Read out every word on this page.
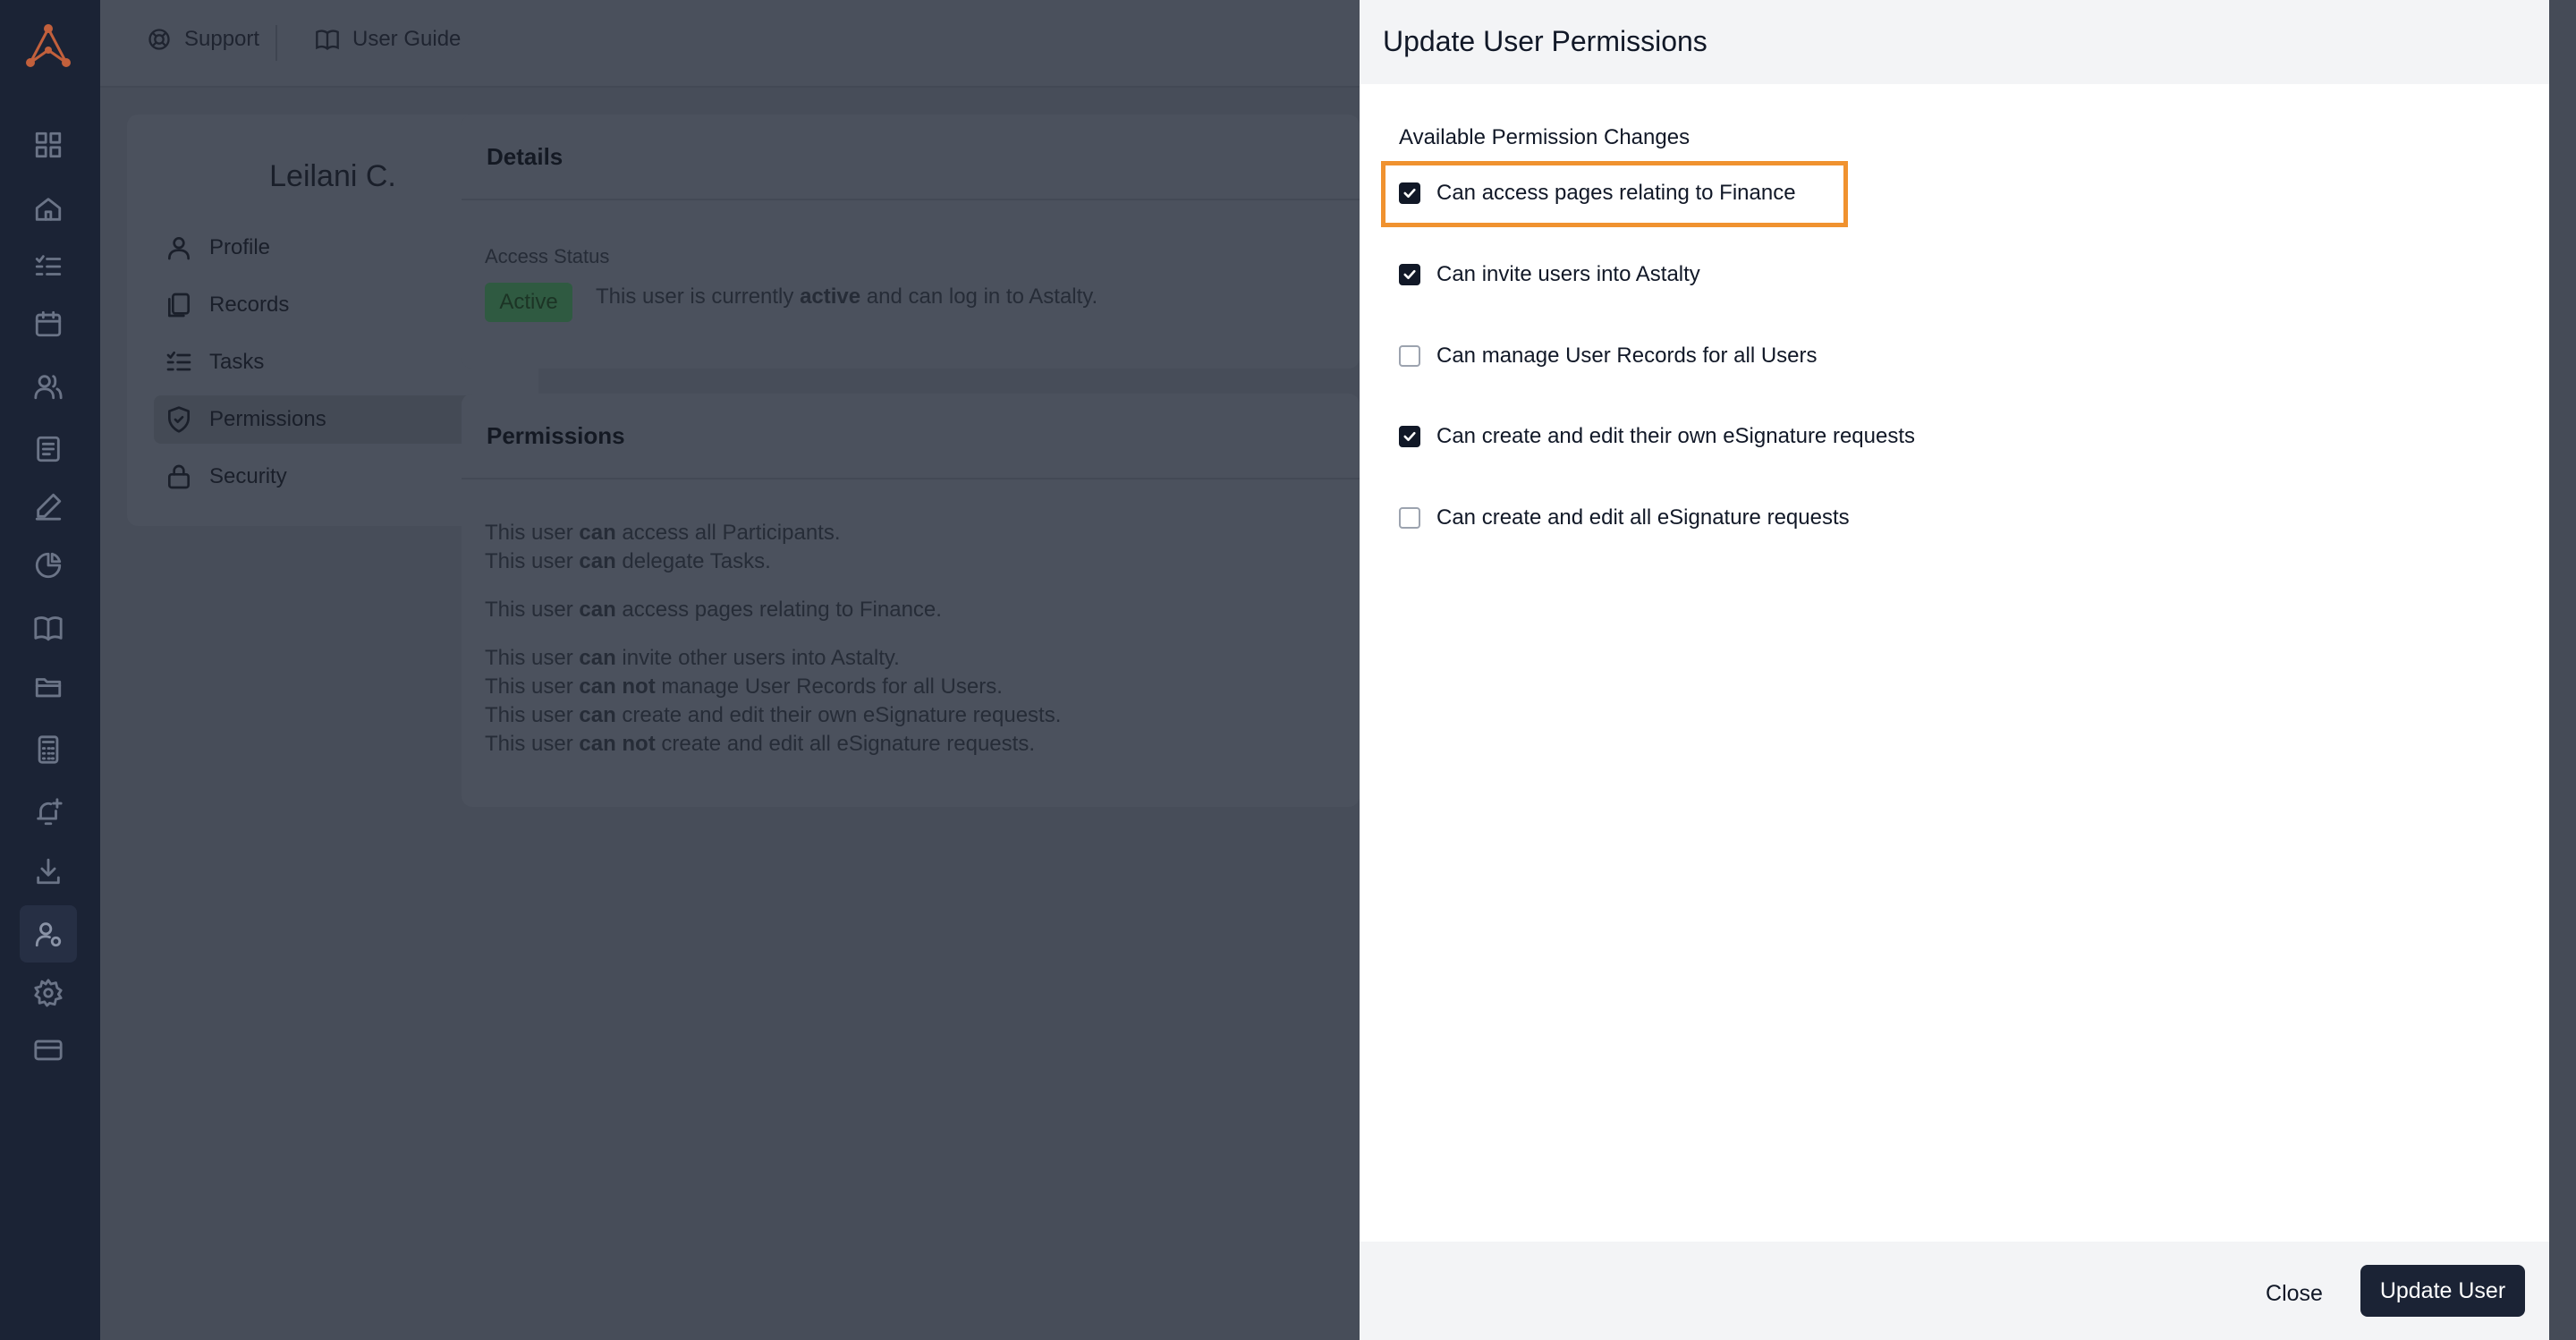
Support	User Guide
Leilani C.
Profile
Records
Tasks
Permissions
Security
Details
Access Status
Active	This user is currently active and can log in to Astalty.
Permissions
This user can access all Participants.
This user can delegate Tasks.
This user can access pages relating to Finance.
This user can invite other users into Astalty.
This user can not manage User Records for all Users.
This user can create and edit their own eSignature requests.
This user can not create and edit all eSignature requests.
Update User Permissions
Available Permission Changes
Can access pages relating to Finance
Can invite users into Astalty
Can manage User Records for all Users
Can create and edit their own eSignature requests
Can create and edit all eSignature requests
Close	Update User
